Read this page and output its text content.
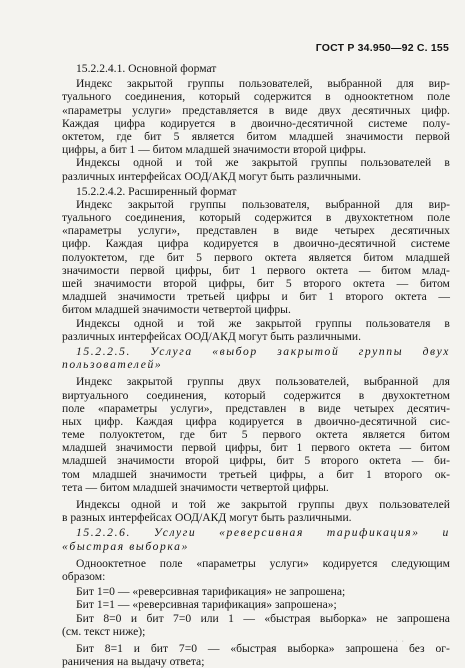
ГОСТ Р 34.950—92 С. 155
15.2.2.4.1. Основной формат
Индекс закрытой группы пользователей, выбранной для вир-
туального соединения, который содержится в однооктетном поле
«параметры услуги» представляется в виде двух десятичных цифр.
Каждая цифра кодируется в двоично-десятичной системе полу-
октетом, где бит 5 является битом младшей значимости первой
цифры, а бит 1 — битом младшей значимости второй цифры.
Индексы одной и той же закрытой группы пользователей в
различных интерфейсах ООД/АКД могут быть различными.
15.2.2.4.2. Расширенный формат
Индекс закрытой группы пользователя, выбранной для вир-
туального соединения, который содержится в двухоктетном поле
«параметры услуги», представлен в виде четырех десятичных
цифр. Каждая цифра кодируется в двоично-десятичной системе
полуоктетом, где бит 5 первого октета является битом младшей
значимости первой цифры, бит 1 первого октета — битом млад-
шей значимости второй цифры, бит 5 второго октета — битом
младшей значимости третьей цифры и бит 1 второго октета —
битом младшей значимости четвертой цифры.
Индексы одной и той же закрытой группы пользователя в
различных интерфейсах ООД/АКД могут быть различными.
15.2.2.5. Услуга «выбор закрытой группы двух
пользователей»
Индекс закрытой группы двух пользователей, выбранной для
виртуального соединения, который содержится в двухоктетном
поле «параметры услуги», представлен в виде четырех десятич-
ных цифр. Каждая цифра кодируется в двоично-десятичной сис-
теме полуоктетом, где бит 5 первого октета является битом
младшей значимости первой цифры, бит 1 первого октета — битом
младшей значимости второй цифры, бит 5 второго октета — би-
том младшей значимости третьей цифры, а бит 1 второго ок-
тета — битом младшей значимости четвертой цифры.
Индексы одной и той же закрытой группы двух пользователей
в разных интерфейсах ООД/АКД могут быть различными.
15.2.2.6. Услуги «реверсивная тарификация» и
«быстрая выборка»
Однооктетное поле «параметры услуги» кодируется следующим
образом:
Бит 1=0 — «реверсивная тарификация» не запрошена;
Бит 1=1 — «реверсивная тарификация» запрошена»;
Бит 8=0 и бит 7=0 или 1 — «быстрая выборка» не запрошена
(см. текст ниже);
Бит 8=1 и бит 7=0 — «быстрая выборка» запрошена без ог-
раничения на выдачу ответа;
· · ·
